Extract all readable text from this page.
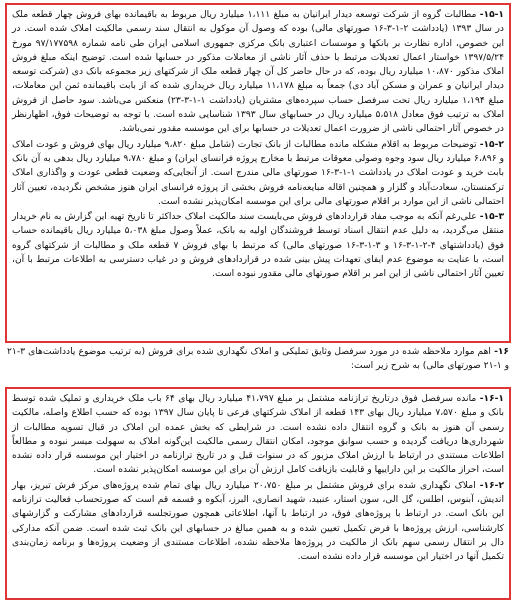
۱۵-۱- مطالبات گروه از شرکت توسعه دیدار ایرانیان به مبلغ ۱،۱۱۱ میلیارد ریال مربوط به باقیمانده بهای فروش چهار قطعه ملک در سال ۱۳۹۳ (یادداشت ۲-۱-۳-۱۶ صورتهای مالی) بوده که وصول آن موکول به انتقال سند رسمی مالکیت املاک شده است. در این خصوص، اداره نظارت بر بانکها و موسسات اعتباری بانک مرکزی جمهوری اسلامی ایران طی نامه شماره ۹۷/۱۷۷۵۹۸ مورخ ۱۳۹۷/۵/۲۴ خواستار اعمال تعدیلات مرتبط با حذف آثار ناشی از معاملات مذکور در حسابها شده است. توضیح اینکه مبلغ فروش املاک مذکور ۱۰،۸۷۰ میلیارد ریال بوده، که در حال حاضر کل آن چهار قطعه ملک از شرکتهای زیر مجموعه بانک دی (شرکت توسعه دیدار ایرانیان و عمران و مسکن آباد دی) جمعاً به مبلغ ۱۱،۱۷۸ میلیارد ریال خریداری شده که از بابت باقیمانده ثمن این معاملات، مبلغ ۱،۱۹۴ میلیارد ریال تحت سرفصل حساب سپرده‌های مشتریان (یادداشت ۱-۱-۳-۲۳) منعکس می‌باشد. سود حاصل از فروش املاک به ترتیب فوق معادل ۵،۵۱۸ میلیارد ریال در حسابهای سال ۱۳۹۳ شناسایی شده است. با توجه به توضیحات فوق، اظهارنظر در خصوص آثار احتمالی ناشی از ضرورت اعمال تعدیلات در حسابها برای این موسسه مقدور نمی‌باشد.

۱۵-۲- توضیحات مربوط به اقلام مشکله مانده مطالبات از بانک تجارت (شامل مبلغ ۹،۸۲۰ میلیارد ریال بهای فروش و عودت املاک و ۶،۸۹۶ میلیارد ریال سود وجوه وصولی معوقات مرتبط با مخارج پروژه فرانسای ایران) و مبلغ ۹،۷۸۰ میلیارد ریال بدهی به آن بانک بابت خرید و عودت املاک در یادداشت ۱-۱-۳-۱۶ صورتهای مالی مندرج است. از آنجایی‌که وضعیت قطعی عودت و واگذاری املاک ترکمنستان، سعادت‌آباد و گلزار و همچنین اقاله مبایعه‌نامه فروش بخشی از پروژه فرانسای ایران هنوز مشخص نگردیده، تعیین آثار احتمالی ناشی از این موارد بر اقلام صورتهای مالی برای این موسسه امکان‌پذیر نشده است.

۱۵-۳- علی‌رغم آنکه به موجب مفاد قراردادهای فروش می‌بایست سند مالکیت املاک حداکثر تا تاریخ تهیه این گزارش به نام خریدار منتقل می‌گردید، به دلیل عدم انتقال اسناد توسط فروشندگان اولیه به بانک، عملاً وصول مبلغ ۵،۰۳۸ میلیارد ریال باقیمانده حساب فوق (یادداشتهای ۴-۲-۱-۳-۱۶ و ۳-۱-۳-۱۶ صورتهای مالی) که مرتبط با بهای فروش ۷ قطعه ملک و مطالبات از شرکتهای گروه است، با عنایت به موضوع عدم ایفای تعهدات پیش بینی شده در قراردادهای فروش و در غیاب دسترسی به اطلاعات مرتبط با آن، تعیین آثار احتمالی ناشی از این امر بر اقلام صورتهای مالی مقدور نبوده است.

۱۶- اهم موارد ملاحظه شده در مورد سرفصل وثایق تملیکی و املاک نگهداری شده برای فروش (به ترتیب موضوع یادداشت‌های ۳-۲۱ و ۱-۲۱ صورتهای مالی) به شرح زیر است:

۱۶-۱- مانده سرفصل فوق درتاریخ ترازنامه مشتمل بر مبلغ ۴۱،۷۹۷ میلیارد ریال بهای ۶۴ باب ملک خریداری و تملیک شده توسط بانک و مبلغ ۷،۵۷۰ میلیارد ریال بهای ۱۴۳ قطعه از املاک شرکتهای فرعی تا پایان سال ۱۳۹۷ بوده که حسب اطلاع واصله، مالکیت رسمی آن هنوز به بانک و گروه انتقال داده نشده است. در شرایطی که بخش عمده این املاک در قبال تسویه مطالبات از شهرداری‌ها دریافت گردیده و حسب سوابق موجود، امکان انتقال رسمی مالکیت این‌گونه املاک به سهولت میسر نبوده و مطالعاً اطلاعات مستندی در ارتباط با ارزش املاک مزبور که در سنوات قبل و در تاریخ ترازنامه در اختیار این موسسه قرار داده نشده است، احراز مالکیت بر این داراییها و قابلیت بازیافت کامل ارزش آن برای این موسسه امکان‌پذیر نشده است.

۱۶-۲- املاک نگهداری شده برای فروش مشتمل بر مبلغ ۲۰،۷۵۰ میلیارد ریال بهای تمام شده پروژه‌های مرکز فرش تبریز، بهار اندیش، آبنوس، اطلس، گل الی، سون استار، عنبید، شهید انصاری، البرز، آبکوه و قسمه قم است که صورتحساب فعالیت ترازنامه این بانک است. در ارتباط با پروژه‌های فوق، در ارتباط با آنها، اطلاعاتی همچون صورتجلسه قراردادهای مشارکت و گزارشهای کارشناسی، ارزش پروژه‌ها با فرض تکمیل تعیین شده و به همین مبالغ در حسابهای این بانک ثبت شده است. ضمن آنکه مدارکی دال بر انتقال رسمی سهم بانک از مالکیت در پروژه‌ها ملاحظه نشده، اطلاعات مستندی از وضعیت پروژه‌ها و برنامه زمان‌بندی تکمیل آنها در اختیار این موسسه قرار داده نشده است.
